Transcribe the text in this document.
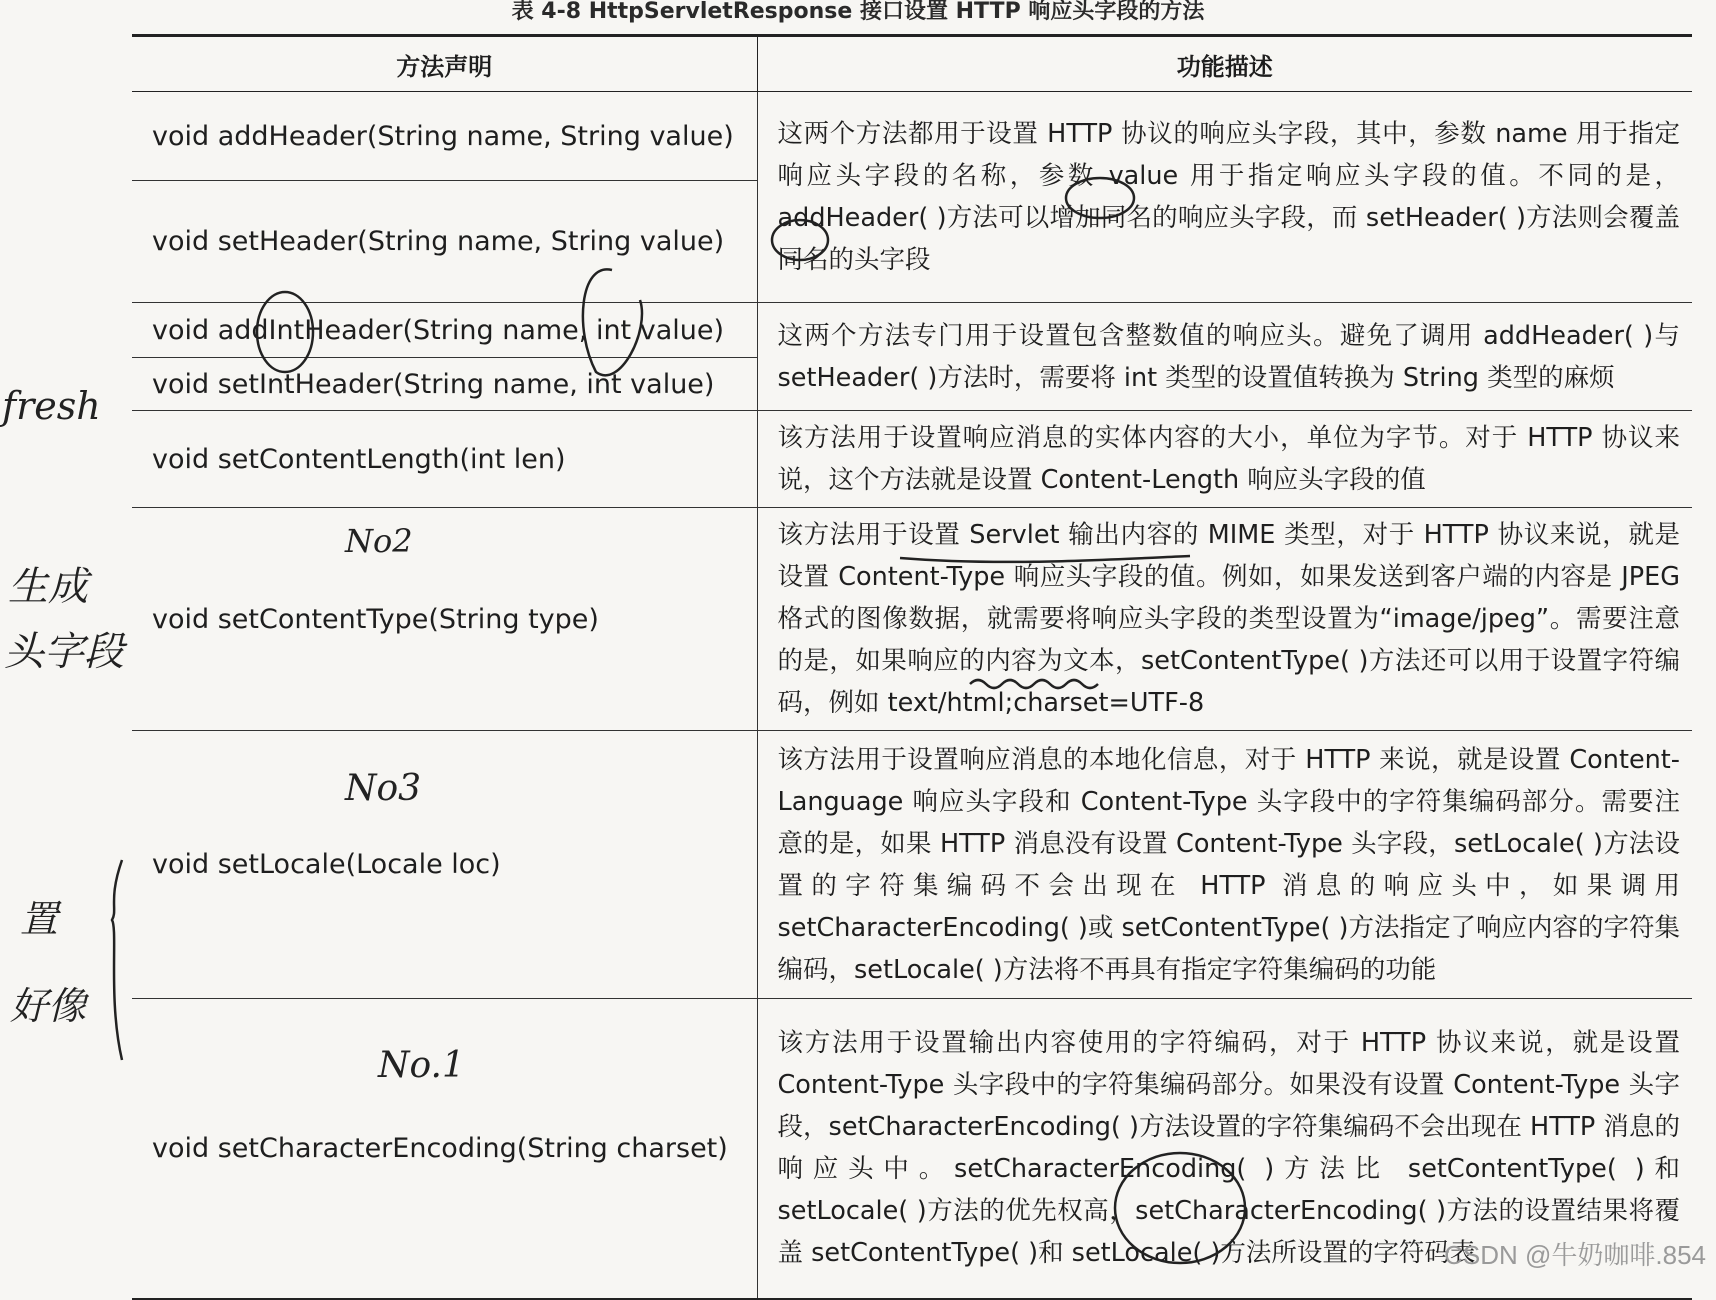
表 4-8 HttpServletResponse 接口设置 HTTP 响应头字段的方法
方法声明	功能描述
void addHeader(String name, String value)	这两个方法都用于设置 HTTP 协议的响应头字段，其中，参数 name 用于指定响应头字段的名称，参数 value 用于指定响应头字段的值。不同的是，addHeader( )方法可以增加同名的响应头字段，而 setHeader( )方法则会覆盖同名的头字段
void setHeader(String name, String value)	
void addIntHeader(String name, int value)	这两个方法专门用于设置包含整数值的响应头。避免了调用 addHeader( )与 setHeader( )方法时，需要将 int 类型的设置值转换为 String 类型的麻烦
void setIntHeader(String name, int value)	
void setContentLength(int len)	该方法用于设置响应消息的实体内容的大小，单位为字节。对于 HTTP 协议来说，这个方法就是设置 Content-Length 响应头字段的值
void setContentType(String type)	该方法用于设置 Servlet 输出内容的 MIME 类型，对于 HTTP 协议来说，就是设置 Content-Type 响应头字段的值。例如，如果发送到客户端的内容是 JPEG 格式的图像数据，就需要将响应头字段的类型设置为“image/jpeg”。需要注意的是，如果响应的内容为文本，setContentType( )方法还可以用于设置字符编码，例如 text/html;charset=UTF-8
void setLocale(Locale loc)	该方法用于设置响应消息的本地化信息，对于 HTTP 来说，就是设置 Content-Language 响应头字段和 Content-Type 头字段中的字符集编码部分。需要注意的是，如果 HTTP 消息没有设置 Content-Type 头字段，setLocale( )方法设置的字符集编码不会出现在 HTTP 消息的响应头中，如果调用 setCharacterEncoding( )或 setContentType( )方法指定了响应内容的字符集编码，setLocale( )方法将不再具有指定字符集编码的功能
void setCharacterEncoding(String charset)	该方法用于设置输出内容使用的字符编码，对于 HTTP 协议来说，就是设置 Content-Type 头字段中的字符集编码部分。如果没有设置 Content-Type 头字段，setCharacterEncoding( )方法设置的字符集编码不会出现在 HTTP 消息的响应头中。setCharacterEncoding( )方法比 setContentType( )和 setLocale( )方法的优先权高，setCharacterEncoding( )方法的设置结果将覆盖 setContentType( )和 setLocale( )方法所设置的字符码表
fresh
生成
头字段
置
好像
No2
No3
No.1
CSDN @牛奶咖啡.854
